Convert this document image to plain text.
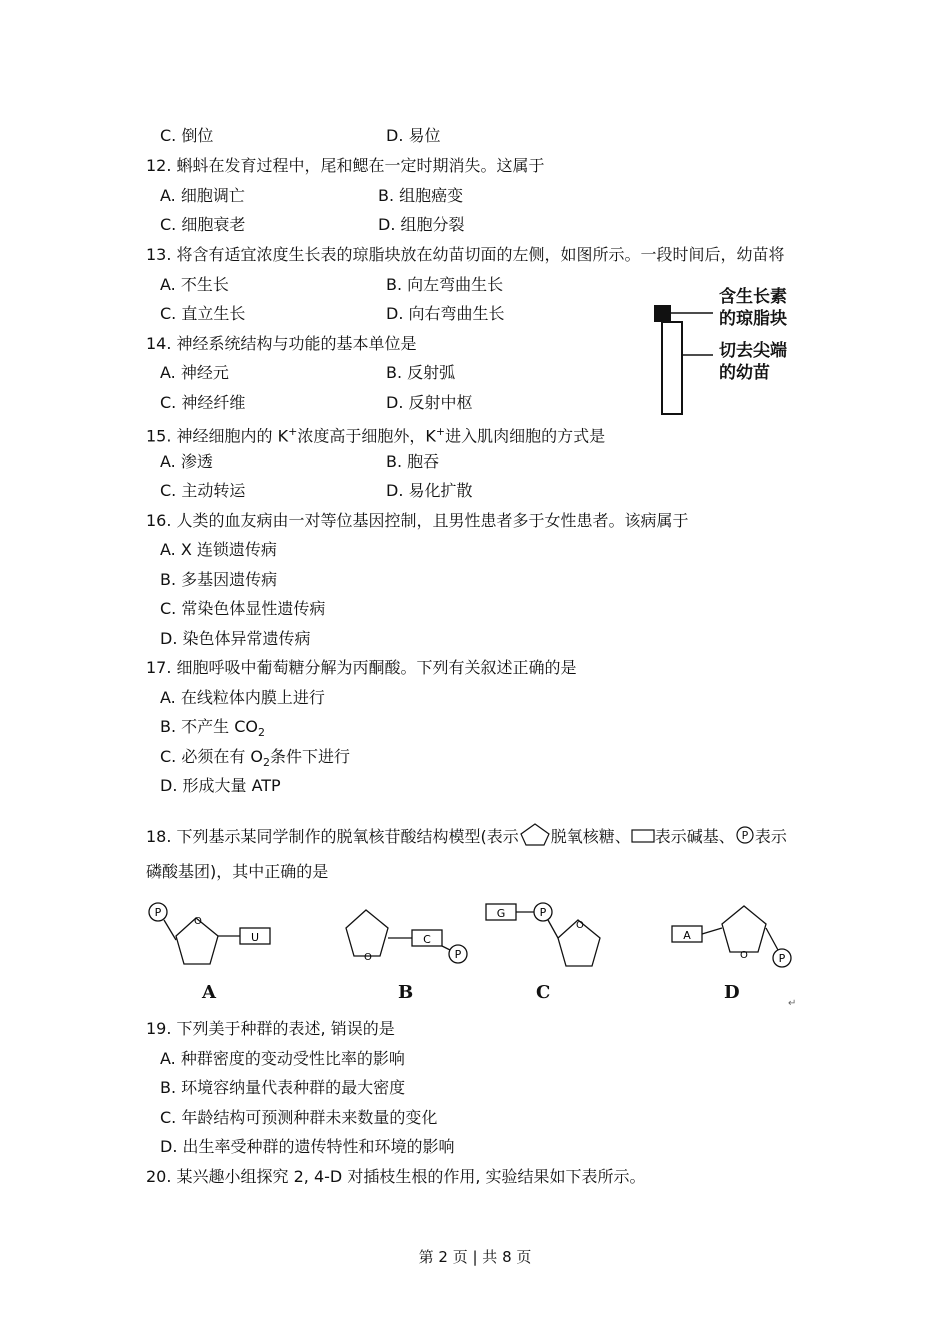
C. 倒位	D. 易位
12. 蝌蚪在发育过程中，尾和鳃在一定时期消失。这属于
A. 细胞调亡	B. 组胞癌变
C. 细胞衰老	D. 组胞分裂
13. 将含有适宜浓度生长表的琼脂块放在幼苗切面的左侧，如图所示。一段时间后，幼苗将
A. 不生长	B. 向左弯曲生长
C. 直立生长	D. 向右弯曲生长
含生长素
的琼脂块
切去尖端
的幼苗
14. 神经系统结构与功能的基本单位是
A. 神经元	B. 反射弧
C. 神经纤维	D. 反射中枢
15. 神经细胞内的 K+浓度高于细胞外，K+进入肌肉细胞的方式是
A. 渗透	B. 胞吞
C. 主动转运	D. 易化扩散
16. 人类的血友病由一对等位基因控制，且男性患者多于女性患者。该病属于
A. X 连锁遗传病
B. 多基因遗传病
C. 常染色体显性遗传病
D. 染色体异常遗传病
17. 细胞呼吸中葡萄糖分解为丙酮酸。下列有关叙述正确的是
A. 在线粒体内膜上进行
B. 不产生 $CO_2$
C. 必须在有 $O_2$条件下进行
D. 形成大量 ATP
18. 下列基示某同学制作的脱氧核苷酸结构模型(表示 脱氧核糖、 表示碱基、 P 表示
磷酸基团)，其中正确的是
P
O
U
A
O
C
P
B
G	P
O
C
A
O	P
D
↵
19. 下列美于种群的表述, 销误的是
A. 种群密度的变动受性比率的影响
B. 环境容纳量代表种群的最大密度
C. 年龄结构可预测种群未来数量的变化
D. 出生率受种群的遗传特性和环境的影响
20. 某兴趣小组探究 2, 4-D 对插枝生根的作用, 实验结果如下表所示。
第 2 页 | 共 8 页
